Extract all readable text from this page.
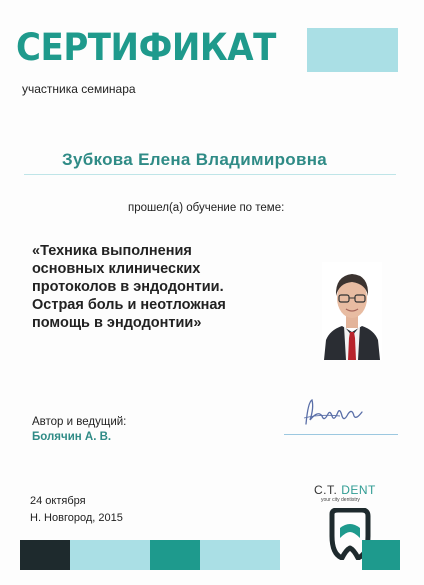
СЕРТИФИКАТ
участника семинара
Зубкова Елена Владимировна
прошел(а) обучение по теме:
«Техника выполнения
основных клинических
протоколов в эндодонтии.
Острая боль и неотложная
помощь в эндодонтии»
Автор и ведущий:
Болячин А. В.
24 октября
Н. Новгород, 2015
C.T. DENT
your city dentistry
